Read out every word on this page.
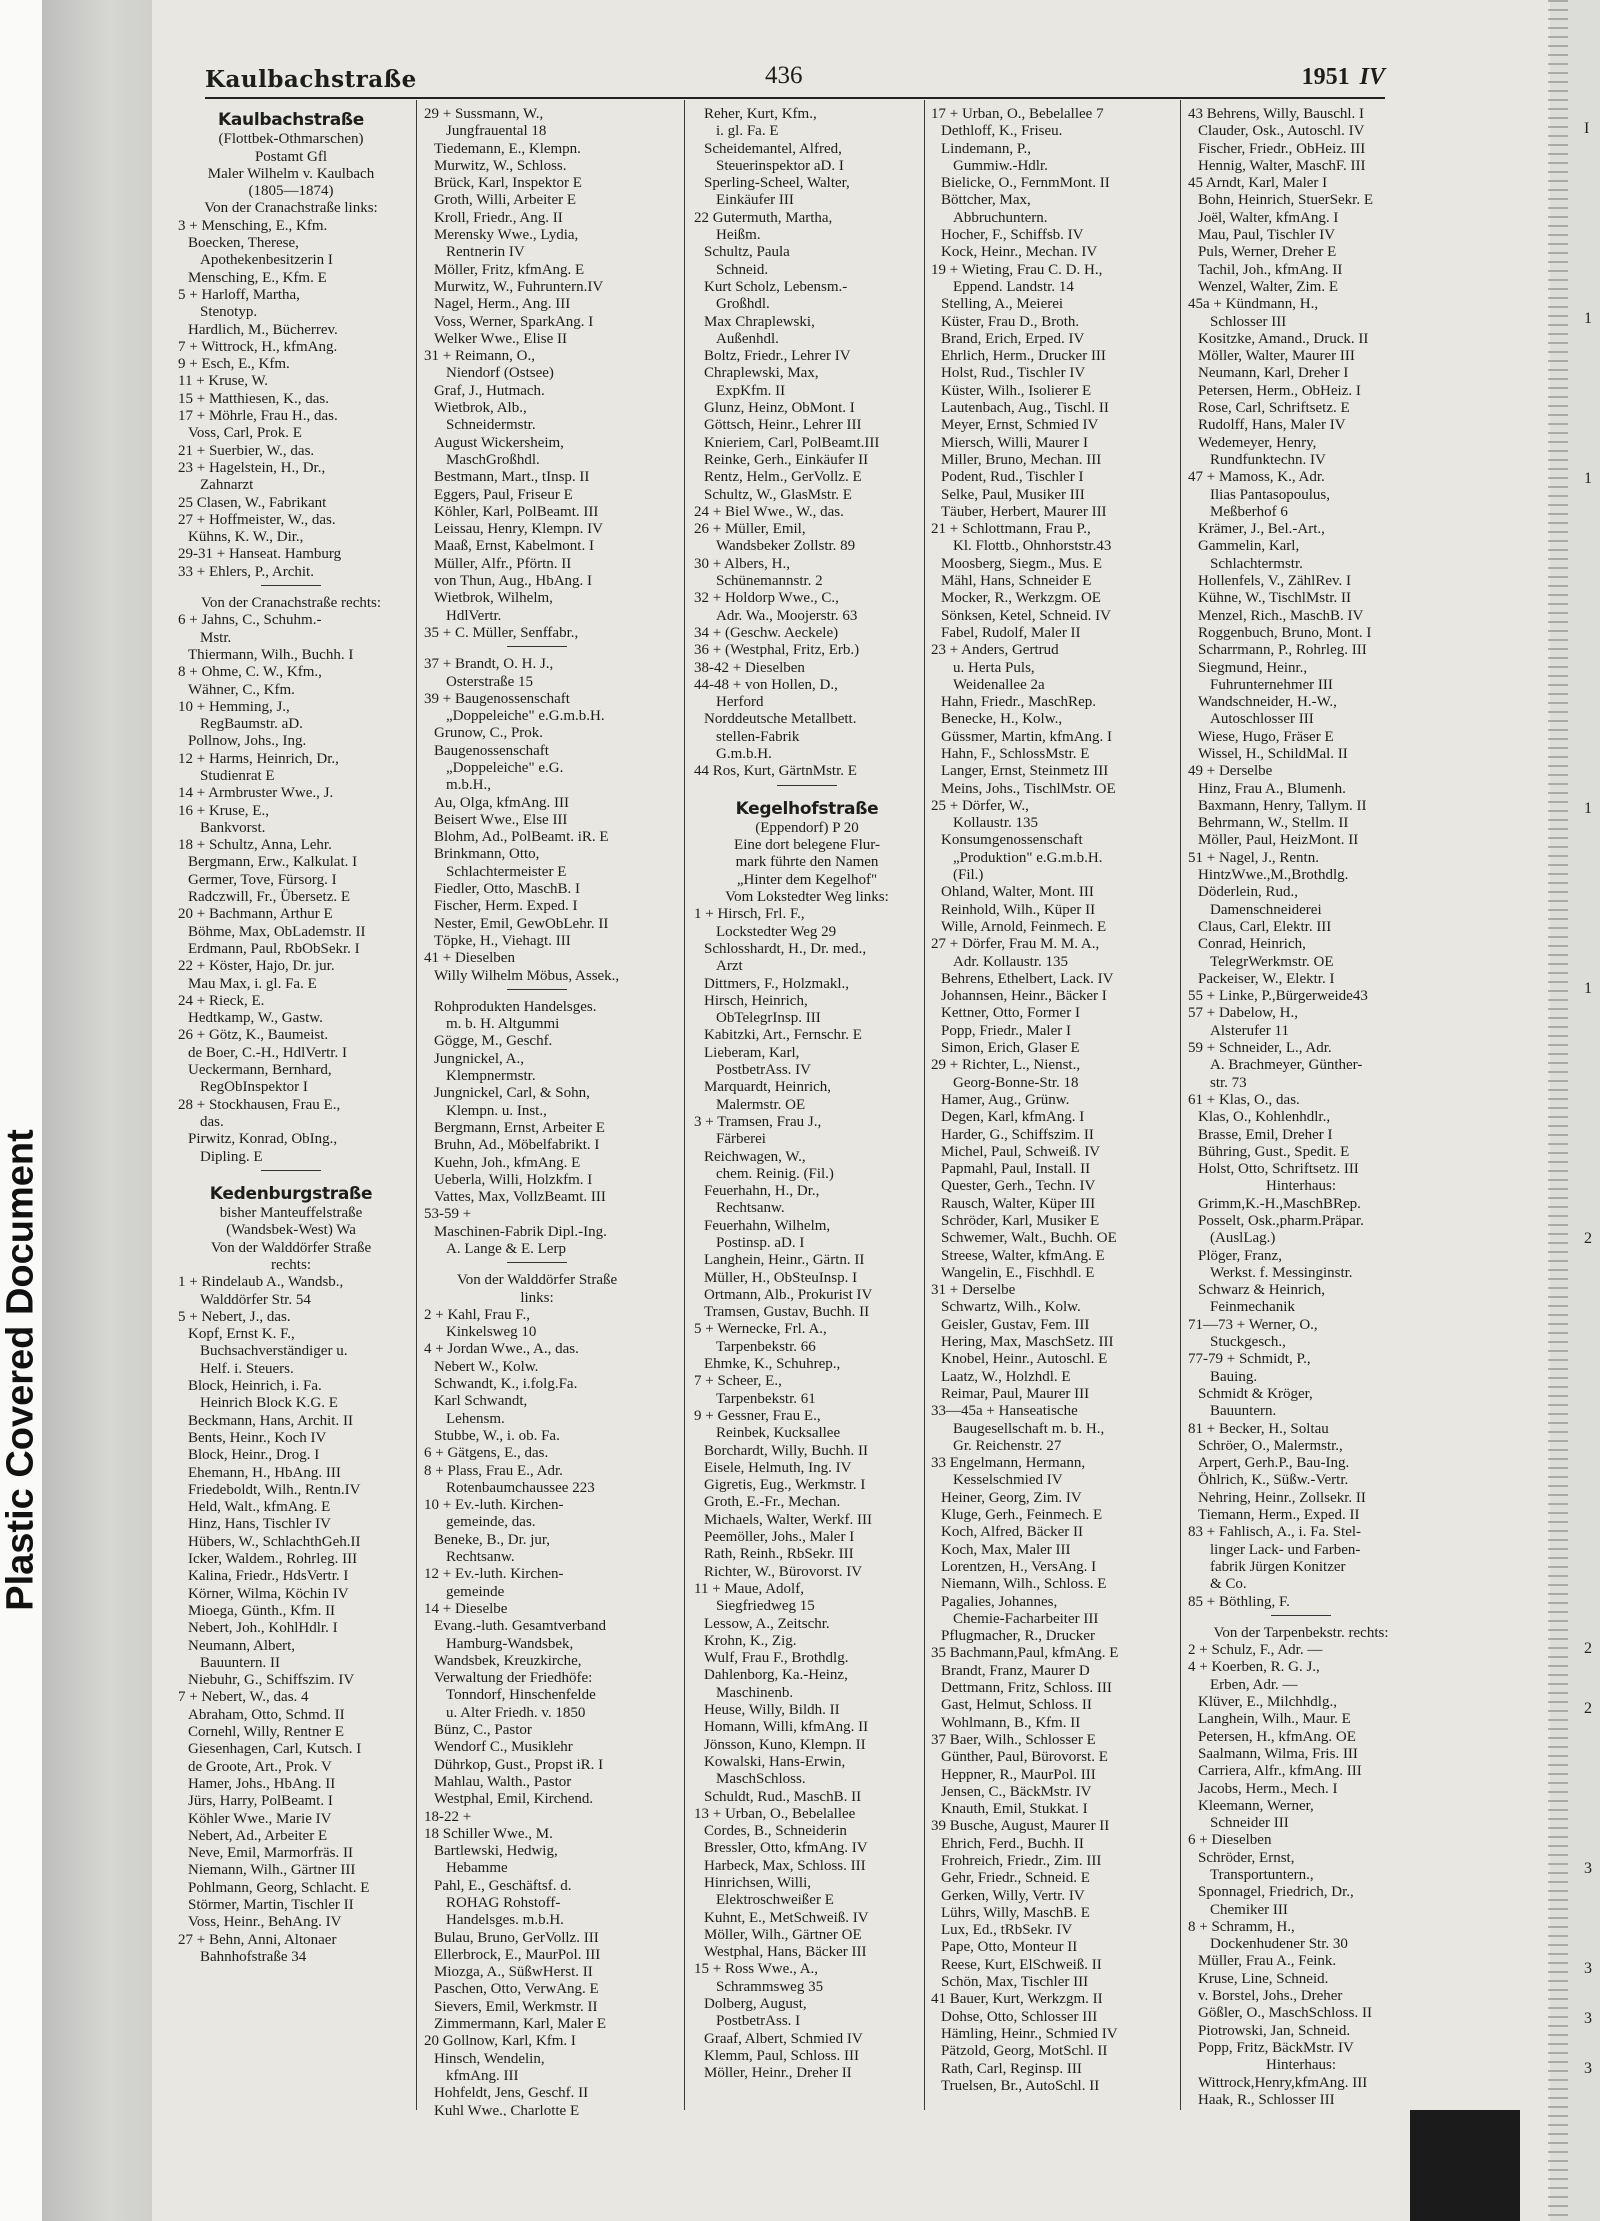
Plastic Covered Document
I
1
1
1
1
2
2
2
3
3
3
3
Kaulbachstraße	436	1951 IV
Kaulbachstraße
(Flottbek-Othmarschen)
Postamt Gfl
Maler Wilhelm v. Kaulbach
(1805—1874)
Von der Cranachstraße links:
3 + Mensching, E., Kfm.
Boecken, Therese,
Apothekenbesitzerin I
Mensching, E., Kfm. E
5 + Harloff, Martha,
Stenotyp.
Hardlich, M., Bücherrev.
7 + Wittrock, H., kfmAng.
9 + Esch, E., Kfm.
11 + Kruse, W.
15 + Matthiesen, K., das.
17 + Möhrle, Frau H., das.
Voss, Carl, Prok. E
21 + Suerbier, W., das.
23 + Hagelstein, H., Dr.,
Zahnarzt
25 Clasen, W., Fabrikant
27 + Hoffmeister, W., das.
Kühns, K. W., Dir.,
29-31 + Hanseat. Hamburg
33 + Ehlers, P., Archit.
Von der Cranachstraße rechts:
6 + Jahns, C., Schuhm.-
Mstr.
Thiermann, Wilh., Buchh. I
8 + Ohme, C. W., Kfm.,
Wähner, C., Kfm.
10 + Hemming, J.,
RegBaumstr. aD.
Pollnow, Johs., Ing.
12 + Harms, Heinrich, Dr.,
Studienrat E
14 + Armbruster Wwe., J.
16 + Kruse, E.,
Bankvorst.
18 + Schultz, Anna, Lehr.
Bergmann, Erw., Kalkulat. I
Germer, Tove, Fürsorg. I
Radczwill, Fr., Übersetz. E
20 + Bachmann, Arthur E
Böhme, Max, ObLademstr. II
Erdmann, Paul, RbObSekr. I
22 + Köster, Hajo, Dr. jur.
Mau Max, i. gl. Fa. E
24 + Rieck, E.
Hedtkamp, W., Gastw.
26 + Götz, K., Baumeist.
de Boer, C.-H., HdlVertr. I
Ueckermann, Bernhard,
RegObInspektor I
28 + Stockhausen, Frau E.,
das.
Pirwitz, Konrad, ObIng.,
Dipling. E
Kedenburgstraße
bisher Manteuffelstraße
(Wandsbek-West) Wa
Von der Walddörfer Straße
rechts:
1 + Rindelaub A., Wandsb.,
Walddörfer Str. 54
5 + Nebert, J., das.
Kopf, Ernst K. F.,
Buchsachverständiger u.
Helf. i. Steuers.
Block, Heinrich, i. Fa.
Heinrich Block K.G. E
Beckmann, Hans, Archit. II
Bents, Heinr., Koch IV
Block, Heinr., Drog. I
Ehemann, H., HbAng. III
Friedeboldt, Wilh., Rentn.IV
Held, Walt., kfmAng. E
Hinz, Hans, Tischler IV
Hübers, W., SchlachthGeh.II
Icker, Waldem., Rohrleg. III
Kalina, Friedr., HdsVertr. I
Körner, Wilma, Köchin IV
Mioega, Günth., Kfm. II
Nebert, Joh., KohlHdlr. I
Neumann, Albert,
Bauuntern. II
Niebuhr, G., Schiffszim. IV
7 + Nebert, W., das. 4
Abraham, Otto, Schmd. II
Cornehl, Willy, Rentner E
Giesenhagen, Carl, Kutsch. I
de Groote, Art., Prok. V
Hamer, Johs., HbAng. II
Jürs, Harry, PolBeamt. I
Köhler Wwe., Marie IV
Nebert, Ad., Arbeiter E
Neve, Emil, Marmorfräs. II
Niemann, Wilh., Gärtner III
Pohlmann, Georg, Schlacht. E
Störmer, Martin, Tischler II
Voss, Heinr., BehAng. IV
27 + Behn, Anni, Altonaer
Bahnhofstraße 34
29 + Sussmann, W.,
Jungfrauental 18
Tiedemann, E., Klempn.
Murwitz, W., Schloss.
Brück, Karl, Inspektor E
Groth, Willi, Arbeiter E
Kroll, Friedr., Ang. II
Merensky Wwe., Lydia,
Rentnerin IV
Möller, Fritz, kfmAng. E
Murwitz, W., Fuhruntern.IV
Nagel, Herm., Ang. III
Voss, Werner, SparkAng. I
Welker Wwe., Elise II
31 + Reimann, O.,
Niendorf (Ostsee)
Graf, J., Hutmach.
Wietbrok, Alb.,
Schneidermstr.
August Wickersheim,
MaschGroßhdl.
Bestmann, Mart., tInsp. II
Eggers, Paul, Friseur E
Köhler, Karl, PolBeamt. III
Leissau, Henry, Klempn. IV
Maaß, Ernst, Kabelmont. I
Müller, Alfr., Pförtn. II
von Thun, Aug., HbAng. I
Wietbrok, Wilhelm,
HdlVertr.
35 + C. Müller, Senffabr.,
37 + Brandt, O. H. J.,
Osterstraße 15
39 + Baugenossenschaft
„Doppeleiche" e.G.m.b.H.
Grunow, C., Prok.
Baugenossenschaft
„Doppeleiche" e.G.
m.b.H.,
Au, Olga, kfmAng. III
Beisert Wwe., Else III
Blohm, Ad., PolBeamt. iR. E
Brinkmann, Otto,
Schlachtermeister E
Fiedler, Otto, MaschB. I
Fischer, Herm. Exped. I
Nester, Emil, GewObLehr. II
Töpke, H., Viehagt. III
41 + Dieselben
Willy Wilhelm Möbus, Assek.,
Rohprodukten Handelsges.
m. b. H. Altgummi
Gögge, M., Geschf.
Jungnickel, A.,
Klempnermstr.
Jungnickel, Carl, & Sohn,
Klempn. u. Inst.,
Bergmann, Ernst, Arbeiter E
Bruhn, Ad., Möbelfabrikt. I
Kuehn, Joh., kfmAng. E
Ueberla, Willi, Holzkfm. I
Vattes, Max, VollzBeamt. III
53-59 +
Maschinen-Fabrik Dipl.-Ing.
A. Lange & E. Lerp
Von der Walddörfer Straße
links:
2 + Kahl, Frau F.,
Kinkelsweg 10
4 + Jordan Wwe., A., das.
Nebert W., Kolw.
Schwandt, K., i.folg.Fa.
Karl Schwandt,
Lehensm.
Stubbe, W., i. ob. Fa.
6 + Gätgens, E., das.
8 + Plass, Frau E., Adr.
Rotenbaumchaussee 223
10 + Ev.-luth. Kirchen-
gemeinde, das.
Beneke, B., Dr. jur,
Rechtsanw.
12 + Ev.-luth. Kirchen-
gemeinde
14 + Dieselbe
Evang.-luth. Gesamtverband
Hamburg-Wandsbek,
Wandsbek, Kreuzkirche,
Verwaltung der Friedhöfe:
Tonndorf, Hinschenfelde
u. Alter Friedh. v. 1850
Bünz, C., Pastor
Wendorf C., Musiklehr
Dührkop, Gust., Propst iR. I
Mahlau, Walth., Pastor
Westphal, Emil, Kirchend.
18-22 +
18 Schiller Wwe., M.
Bartlewski, Hedwig,
Hebamme
Pahl, E., Geschäftsf. d.
ROHAG Rohstoff-
Handelsges. m.b.H.
Bulau, Bruno, GerVollz. III
Ellerbrock, E., MaurPol. III
Miozga, A., SüßwHerst. II
Paschen, Otto, VerwAng. E
Sievers, Emil, Werkmstr. II
Zimmermann, Karl, Maler E
20 Gollnow, Karl, Kfm. I
Hinsch, Wendelin,
kfmAng. III
Hohfeldt, Jens, Geschf. II
Kuhl Wwe., Charlotte E
Reher, Kurt, Kfm.,
i. gl. Fa. E
Scheidemantel, Alfred,
Steuerinspektor aD. I
Sperling-Scheel, Walter,
Einkäufer III
22 Gutermuth, Martha,
Heißm.
Schultz, Paula
Schneid.
Kurt Scholz, Lebensm.-
Großhdl.
Max Chraplewski,
Außenhdl.
Boltz, Friedr., Lehrer IV
Chraplewski, Max,
ExpKfm. II
Glunz, Heinz, ObMont. I
Göttsch, Heinr., Lehrer III
Knieriem, Carl, PolBeamt.III
Reinke, Gerh., Einkäufer II
Rentz, Helm., GerVollz. E
Schultz, W., GlasMstr. E
24 + Biel Wwe., W., das.
26 + Müller, Emil,
Wandsbeker Zollstr. 89
30 + Albers, H.,
Schünemannstr. 2
32 + Holdorp Wwe., C.,
Adr. Wa., Moojerstr. 63
34 + (Geschw. Aeckele)
36 + (Westphal, Fritz, Erb.)
38-42 + Dieselben
44-48 + von Hollen, D.,
Herford
Norddeutsche Metallbett.
stellen-Fabrik
G.m.b.H.
44 Ros, Kurt, GärtnMstr. E
Kegelhofstraße
(Eppendorf) P 20
Eine dort belegene Flur-
mark führte den Namen
„Hinter dem Kegelhof"
Vom Lokstedter Weg links:
1 + Hirsch, Frl. F.,
Lockstedter Weg 29
Schlosshardt, H., Dr. med.,
Arzt
Dittmers, F., Holzmakl.,
Hirsch, Heinrich,
ObTelegrInsp. III
Kabitzki, Art., Fernschr. E
Lieberam, Karl,
PostbetrAss. IV
Marquardt, Heinrich,
Malermstr. OE
3 + Tramsen, Frau J.,
Färberei
Reichwagen, W.,
chem. Reinig. (Fil.)
Feuerhahn, H., Dr.,
Rechtsanw.
Feuerhahn, Wilhelm,
Postinsp. aD. I
Langhein, Heinr., Gärtn. II
Müller, H., ObSteuInsp. I
Ortmann, Alb., Prokurist IV
Tramsen, Gustav, Buchh. II
5 + Wernecke, Frl. A.,
Tarpenbekstr. 66
Ehmke, K., Schuhrep.,
7 + Scheer, E.,
Tarpenbekstr. 61
9 + Gessner, Frau E.,
Reinbek, Kucksallee
Borchardt, Willy, Buchh. II
Eisele, Helmuth, Ing. IV
Gigretis, Eug., Werkmstr. I
Groth, E.-Fr., Mechan.
Michaels, Walter, Werkf. III
Peemöller, Johs., Maler I
Rath, Reinh., RbSekr. III
Richter, W., Bürovorst. IV
11 + Maue, Adolf,
Siegfriedweg 15
Lessow, A., Zeitschr.
Krohn, K., Zig.
Wulf, Frau F., Brothdlg.
Dahlenborg, Ka.-Heinz,
Maschinenb.
Heuse, Willy, Bildh. II
Homann, Willi, kfmAng. II
Jönsson, Kuno, Klempn. II
Kowalski, Hans-Erwin,
MaschSchloss.
Schuldt, Rud., MaschB. II
13 + Urban, O., Bebelallee
Cordes, B., Schneiderin
Bressler, Otto, kfmAng. IV
Harbeck, Max, Schloss. III
Hinrichsen, Willi,
Elektroschweißer E
Kuhnt, E., MetSchweiß. IV
Möller, Wilh., Gärtner OE
Westphal, Hans, Bäcker III
15 + Ross Wwe., A.,
Schrammsweg 35
Dolberg, August,
PostbetrAss. I
Graaf, Albert, Schmied IV
Klemm, Paul, Schloss. III
Möller, Heinr., Dreher II
17 + Urban, O., Bebelallee 7
Dethloff, K., Friseu.
Lindemann, P.,
Gummiw.-Hdlr.
Bielicke, O., FernmMont. II
Böttcher, Max,
Abbruchuntern.
Hocher, F., Schiffsb. IV
Kock, Heinr., Mechan. IV
19 + Wieting, Frau C. D. H.,
Eppend. Landstr. 14
Stelling, A., Meierei
Küster, Frau D., Broth.
Brand, Erich, Erped. IV
Ehrlich, Herm., Drucker III
Holst, Rud., Tischler IV
Küster, Wilh., Isolierer E
Lautenbach, Aug., Tischl. II
Meyer, Ernst, Schmied IV
Miersch, Willi, Maurer I
Miller, Bruno, Mechan. III
Podent, Rud., Tischler I
Selke, Paul, Musiker III
Täuber, Herbert, Maurer III
21 + Schlottmann, Frau P.,
Kl. Flottb., Ohnhorststr.43
Moosberg, Siegm., Mus. E
Mähl, Hans, Schneider E
Mocker, R., Werkzgm. OE
Sönksen, Ketel, Schneid. IV
Fabel, Rudolf, Maler II
23 + Anders, Gertrud
u. Herta Puls,
Weidenallee 2a
Hahn, Friedr., MaschRep.
Benecke, H., Kolw.,
Güssmer, Martin, kfmAng. I
Hahn, F., SchlossMstr. E
Langer, Ernst, Steinmetz III
Meins, Johs., TischlMstr. OE
25 + Dörfer, W.,
Kollaustr. 135
Konsumgenossenschaft
„Produktion" e.G.m.b.H.
(Fil.)
Ohland, Walter, Mont. III
Reinhold, Wilh., Küper II
Wille, Arnold, Feinmech. E
27 + Dörfer, Frau M. M. A.,
Adr. Kollaustr. 135
Behrens, Ethelbert, Lack. IV
Johannsen, Heinr., Bäcker I
Kettner, Otto, Former I
Popp, Friedr., Maler I
Simon, Erich, Glaser E
29 + Richter, L., Nienst.,
Georg-Bonne-Str. 18
Hamer, Aug., Grünw.
Degen, Karl, kfmAng. I
Harder, G., Schiffszim. II
Michel, Paul, Schweiß. IV
Papmahl, Paul, Install. II
Quester, Gerh., Techn. IV
Rausch, Walter, Küper III
Schröder, Karl, Musiker E
Schwemer, Walt., Buchh. OE
Streese, Walter, kfmAng. E
Wangelin, E., Fischhdl. E
31 + Derselbe
Schwartz, Wilh., Kolw.
Geisler, Gustav, Fem. III
Hering, Max, MaschSetz. III
Knobel, Heinr., Autoschl. E
Laatz, W., Holzhdl. E
Reimar, Paul, Maurer III
33—45a + Hanseatische
Baugesellschaft m. b. H.,
Gr. Reichenstr. 27
33 Engelmann, Hermann,
Kesselschmied IV
Heiner, Georg, Zim. IV
Kluge, Gerh., Feinmech. E
Koch, Alfred, Bäcker II
Koch, Max, Maler III
Lorentzen, H., VersAng. I
Niemann, Wilh., Schloss. E
Pagalies, Johannes,
Chemie-Facharbeiter III
Pflugmacher, R., Drucker
35 Bachmann,Paul, kfmAng. E
Brandt, Franz, Maurer D
Dettmann, Fritz, Schloss. III
Gast, Helmut, Schloss. II
Wohlmann, B., Kfm. II
37 Baer, Wilh., Schlosser E
Günther, Paul, Bürovorst. E
Heppner, R., MaurPol. III
Jensen, C., BäckMstr. IV
Knauth, Emil, Stukkat. I
39 Busche, August, Maurer II
Ehrich, Ferd., Buchh. II
Frohreich, Friedr., Zim. III
Gehr, Friedr., Schneid. E
Gerken, Willy, Vertr. IV
Lührs, Willy, MaschB. E
Lux, Ed., tRbSekr. IV
Pape, Otto, Monteur II
Reese, Kurt, ElSchweiß. II
Schön, Max, Tischler III
41 Bauer, Kurt, Werkzgm. II
Dohse, Otto, Schlosser III
Hämling, Heinr., Schmied IV
Pätzold, Georg, MotSchl. II
Rath, Carl, Reginsp. III
Truelsen, Br., AutoSchl. II
43 Behrens, Willy, Bauschl. I
Clauder, Osk., Autoschl. IV
Fischer, Friedr., ObHeiz. III
Hennig, Walter, MaschF. III
45 Arndt, Karl, Maler I
Bohn, Heinrich, StuerSekr. E
Joël, Walter, kfmAng. I
Mau, Paul, Tischler IV
Puls, Werner, Dreher E
Tachil, Joh., kfmAng. II
Wenzel, Walter, Zim. E
45a + Kündmann, H.,
Schlosser III
Kositzke, Amand., Druck. II
Möller, Walter, Maurer III
Neumann, Karl, Dreher I
Petersen, Herm., ObHeiz. I
Rose, Carl, Schriftsetz. E
Rudolff, Hans, Maler IV
Wedemeyer, Henry,
Rundfunktechn. IV
47 + Mamoss, K., Adr.
Ilias Pantasopoulus,
Meßberhof 6
Krämer, J., Bel.-Art.,
Gammelin, Karl,
Schlachtermstr.
Hollenfels, V., ZählRev. I
Kühne, W., TischlMstr. II
Menzel, Rich., MaschB. IV
Roggenbuch, Bruno, Mont. I
Scharrmann, P., Rohrleg. III
Siegmund, Heinr.,
Fuhrunternehmer III
Wandschneider, H.-W.,
Autoschlosser III
Wiese, Hugo, Fräser E
Wissel, H., SchildMal. II
49 + Derselbe
Hinz, Frau A., Blumenh.
Baxmann, Henry, Tallym. II
Behrmann, W., Stellm. II
Möller, Paul, HeizMont. II
51 + Nagel, J., Rentn.
HintzWwe.,M.,Brothdlg.
Döderlein, Rud.,
Damenschneiderei
Claus, Carl, Elektr. III
Conrad, Heinrich,
TelegrWerkmstr. OE
Packeiser, W., Elektr. I
55 + Linke, P.,Bürgerweide43
57 + Dabelow, H.,
Alsterufer 11
59 + Schneider, L., Adr.
A. Brachmeyer, Günther-
str. 73
61 + Klas, O., das.
Klas, O., Kohlenhdlr.,
Brasse, Emil, Dreher I
Bühring, Gust., Spedit. E
Holst, Otto, Schriftsetz. III
Hinterhaus:
Grimm,K.-H.,MaschBRep.
Posselt, Osk.,pharm.Präpar.
(AuslLag.)
Plöger, Franz,
Werkst. f. Messinginstr.
Schwarz & Heinrich,
Feinmechanik
71—73 + Werner, O.,
Stuckgesch.,
77-79 + Schmidt, P.,
Bauing.
Schmidt & Kröger,
Bauuntern.
81 + Becker, H., Soltau
Schröer, O., Malermstr.,
Arpert, Gerh.P., Bau-Ing.
Öhlrich, K., Süßw.-Vertr.
Nehring, Heinr., Zollsekr. II
Tiemann, Herm., Exped. II
83 + Fahlisch, A., i. Fa. Stel-
linger Lack- und Farben-
fabrik Jürgen Konitzer
& Co.
85 + Böthling, F.
Von der Tarpenbekstr. rechts:
2 + Schulz, F., Adr. —
4 + Koerben, R. G. J.,
Erben, Adr. —
Klüver, E., Milchhdlg.,
Langhein, Wilh., Maur. E
Petersen, H., kfmAng. OE
Saalmann, Wilma, Fris. III
Carriera, Alfr., kfmAng. III
Jacobs, Herm., Mech. I
Kleemann, Werner,
Schneider III
6 + Dieselben
Schröder, Ernst,
Transportuntern.,
Sponnagel, Friedrich, Dr.,
Chemiker III
8 + Schramm, H.,
Dockenhudener Str. 30
Müller, Frau A., Feink.
Kruse, Line, Schneid.
v. Borstel, Johs., Dreher
Gößler, O., MaschSchloss. II
Piotrowski, Jan, Schneid.
Popp, Fritz, BäckMstr. IV
Hinterhaus:
Wittrock,Henry,kfmAng. III
Haak, R., Schlosser III
